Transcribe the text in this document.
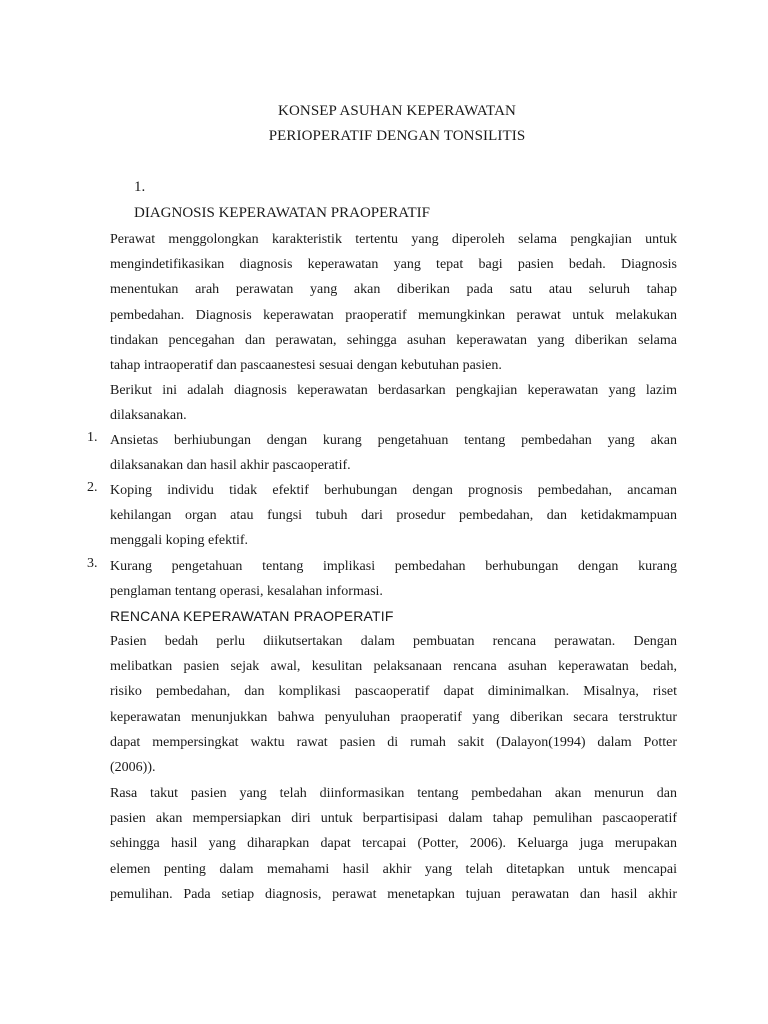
KONSEP ASUHAN KEPERAWATAN
PERIOPERATIF DENGAN TONSILITIS
1.
DIAGNOSIS KEPERAWATAN PRAOPERATIF
Perawat menggolongkan karakteristik tertentu yang diperoleh selama pengkajian untuk
mengindetifikasikan diagnosis keperawatan yang tepat bagi pasien bedah. Diagnosis
menentukan arah perawatan yang akan diberikan pada satu atau seluruh tahap
pembedahan. Diagnosis keperawatan praoperatif memungkinkan perawat untuk melakukan
tindakan pencegahan dan perawatan, sehingga asuhan keperawatan yang diberikan selama
tahap intraoperatif dan pascaanestesi sesuai dengan kebutuhan pasien.
Berikut ini adalah diagnosis keperawatan berdasarkan pengkajian keperawatan yang lazim
dilaksanakan.
1. Ansietas berhiubungan dengan kurang pengetahuan tentang pembedahan yang akan
dilaksanakan dan hasil akhir pascaoperatif.
2. Koping individu tidak efektif berhubungan dengan prognosis pembedahan, ancaman
kehilangan organ atau fungsi tubuh dari prosedur pembedahan, dan ketidakmampuan
menggali koping efektif.
3. Kurang pengetahuan tentang implikasi pembedahan berhubungan dengan kurang
penglaman tentang operasi, kesalahan informasi.
RENCANA KEPERAWATAN PRAOPERATIF
Pasien bedah perlu diikutsertakan dalam pembuatan rencana perawatan. Dengan
melibatkan pasien sejak awal, kesulitan pelaksanaan rencana asuhan keperawatan bedah,
risiko pembedahan, dan komplikasi pascaoperatif dapat diminimalkan. Misalnya, riset
keperawatan menunjukkan bahwa penyuluhan praoperatif yang diberikan secara terstruktur
dapat mempersingkat waktu rawat pasien di rumah sakit (Dalayon(1994) dalam Potter
(2006)).
Rasa takut pasien yang telah diinformasikan tentang pembedahan akan menurun dan
pasien akan mempersiapkan diri untuk berpartisipasi dalam tahap pemulihan pascaoperatif
sehingga hasil yang diharapkan dapat tercapai (Potter, 2006). Keluarga juga merupakan
elemen penting dalam memahami hasil akhir yang telah ditetapkan untuk mencapai
pemulihan. Pada setiap diagnosis, perawat menetapkan tujuan perawatan dan hasil akhir
